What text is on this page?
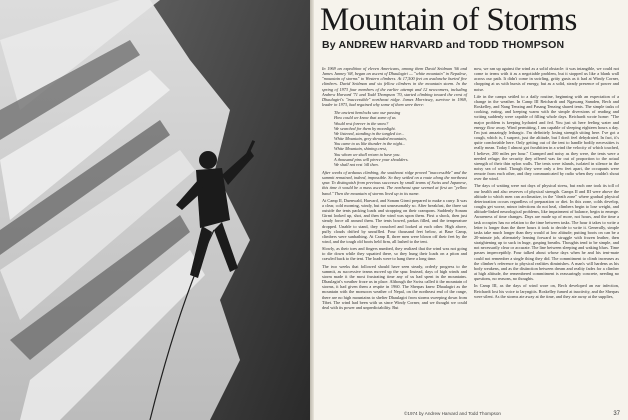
Mountain of Storms
By ANDREW HARVARD and TODD THOMPSON

In 1969 an expedition of eleven Americans, among them David Seidman '66 and James Janney '68, began an ascent of Dhaulagiri — "white mountain" in Nepalese, "mountain of storms" to Western climbers. At 17,500 feet an avalanche buried five climbers. David Seidman and six fellow climbers in the mountain storm. In the spring of 1973 four members of the earlier attempt and 12 newcomers, including Andrew Harvard '71 and Todd Thompson '70, started climbing toward the crest of Dhaulagiri's "inaccessible" northeast ridge. James Morrissey, survivor in 1969, leader in 1973, had regained why some of them were there:

The ancient hemlocks saw our passing
How could we know that some of us
Would rest forever in the snow?
We searched for them by moonlight.
We listened, standing in the tangled ice...
White Mountain, grey shrouded mountain,
You came to us like thunder in the night...
White Mountain, shining crest,
You whom we shall return to have you.
A thousand pins will pierce your shoulders.
We shall not rest 'till then.

After weeks of arduous climbing, the southeast ridge proved "inaccessible" and the summit remained, indeed, impossible. So they settled on a route along the northeast spur. To distinguish from previous successes by small teams of Swiss and Japanese, this time it would be a mass ascent. The northeast spur seemed at first an "yellow band." Then the mountain of storms lived up to its name.

At Camp II, Duenwald, Harvard, and Sonam Girmi prepared to make a carry. It was a clear, cold morning, windy, but not unseasonably so. After breakfast, the three sat outside the tents packing loads and strapping on their crampons. Suddenly Sonam Girmi looked up, shot, and then the wind was upon them. First a shock, then just steady force all around them. The tents bowed, parkas filled, and the temperature dropped. Unable to stand, they crouched and looked at each other. High above, puffy clouds drifted by unruffled. Four thousand feet below, at Base Camp, climbers were sunbathing. At Camp II, three men were blown off their feet by the wind, and the tough old boots held firm, all lashed to the tent.

Slowly, as their toes and fingers numbed, they realized that the wind was not going to die down while they squatted there, so they hung their loads on a piton and crawled back to the tent. The loads were to hang there a long time.

The two weeks that followed should have seen steady, orderly progress to the summit, as successive teams moved up the spur. Instead, days of high winds and storm made it the most frustrating time any of us had spent in the mountains. Dhaulagiri's weather froze us in place. Although the Swiss called it the mountain of storms, it had given them a respite in 1960. The Sherpas knew Dhaulagiri as the mountain with the monsoon weather of Nepal, on the northeast end of the range, there are no high mountains to shelter Dhaulagiri from storms sweeping down from Tibet. The wind had been with us since Windy Corner, and we thought we could deal with its power and unpredictability. But

now, we ran up against the wind as a solid obstacle: it was intangible, we could not come to terms with it as a negotiable problem, but it stopped us like a blank wall across our path. It didn't come in swirling, gritty gusts as it had at Windy Corner, chopping at us with bursts of energy, but as a solid, steady presence of power and noise.

Life in the camps settled to a daily routine, beginning with an expectation of a change in the weather. In Camp III Reichardt and Ngawang Samden, Bech and Roskelley, and Nang Tenzing and Pasang Tenzing shared tents. The simple tasks of cooking, eating, and keeping warm with the simple diversions of reading and writing suddenly were capable of filling whole days. Reichardt wrote home: "The major problem is keeping hydrated and fed. You just sit here feeling water and energy flow away. Wind permitting, I am capable of sleeping eighteen hours a day. I'm just amazingly lethargic. I'm definitely losing strength sitting here. I've got a cough, which is, I suspect, just the altitude, but I don't feel dehydrated. In fact, it's quite comfortable here. Only getting out of the tent to handle bodily necessities is really mean. Today I almost got frostbitten in a wind the velocity of which touched, I believe, 200 miles per hour." Cramped and noisy as they were, the tents were a needed refuge; the security they offered was far out of proportion to the actual strength of their thin nylon walls. The tents were islands, isolated in silence in the noisy sea of wind. Though they were only a few feet apart, the occupants were remote from each other, and they communicated by radio when they couldn't shout over the wind.

The days of waiting were not days of physical stress, but each one took its toll of our health and also reserves of physical strength. Camps II and III were above the altitude to which men can acclimatize, in the "death zone" where gradual physical deterioration occurs regardless of preparation or diet. In this zone, colds develop, coughs get worse, minor infections do not heal, climbers begin to lose weight, and altitude-linked neurological problems, like impairment of balance, begin to emerge. Awareness of time changes. Days are made up of more, not hours, and the time a task occupies has no relation to the time between tasks. The hour it takes to write a letter is longer than the three hours it took to decide to write it. Generally, simple tasks take much longer than they would at low altitude; putting boots on can be a 20-minute job, alternately leaning forward to struggle with frozen leather, then straightening up to suck in huge, gasping breaths. Thoughts tend to be simple, and not necessarily clear or accurate. The line between sleeping and waking blurs. Time passes imperceptibly. Four talked about whose days when he and his tent-mate could not remember a single thing they did. The commitment to climb increases as the climber's reference to physical realities diminishes. A man's will hardens as his body weakens, and as the distinction between dream and reality fades for a climber at high altitude, the remembered commitment is reassuringly concrete, needing no questions, no reasons, no thoughts.

In Camp III, as the days of wind wore on, Bech developed an ear infection, Reichardt lost his voice to laryngitis. Roskelley fumed at inactivity, and the Sherpas were silent. As the storms ate away at the time, and they ate away at the supplies,

©1974 by Andrew Harvard and Todd Thompson	37
